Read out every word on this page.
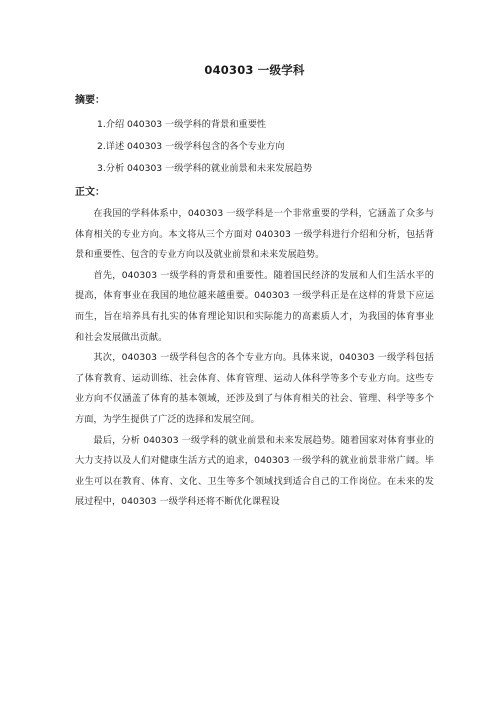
040303 一级学科
摘要：
1.介绍 040303 一级学科的背景和重要性
2.详述 040303 一级学科包含的各个专业方向
3.分析 040303 一级学科的就业前景和未来发展趋势
正文：

在我国的学科体系中，040303 一级学科是一个非常重要的学科，它涵盖了众多与体育相关的专业方向。本文将从三个方面对 040303 一级学科进行介绍和分析，包括背景和重要性、包含的专业方向以及就业前景和未来发展趋势。

首先，040303 一级学科的背景和重要性。随着国民经济的发展和人们生活水平的提高，体育事业在我国的地位越来越重要。040303 一级学科正是在这样的背景下应运而生，旨在培养具有扎实的体育理论知识和实际能力的高素质人才，为我国的体育事业和社会发展做出贡献。

其次，040303 一级学科包含的各个专业方向。具体来说，040303 一级学科包括了体育教育、运动训练、社会体育、体育管理、运动人体科学等多个专业方向。这些专业方向不仅涵盖了体育的基本领域，还涉及到了与体育相关的社会、管理、科学等多个方面，为学生提供了广泛的选择和发展空间。

最后，分析 040303 一级学科的就业前景和未来发展趋势。随着国家对体育事业的大力支持以及人们对健康生活方式的追求，040303 一级学科的就业前景非常广阔。毕业生可以在教育、体育、文化、卫生等多个领域找到适合自己的工作岗位。在未来的发展过程中，040303 一级学科还将不断优化课程设
